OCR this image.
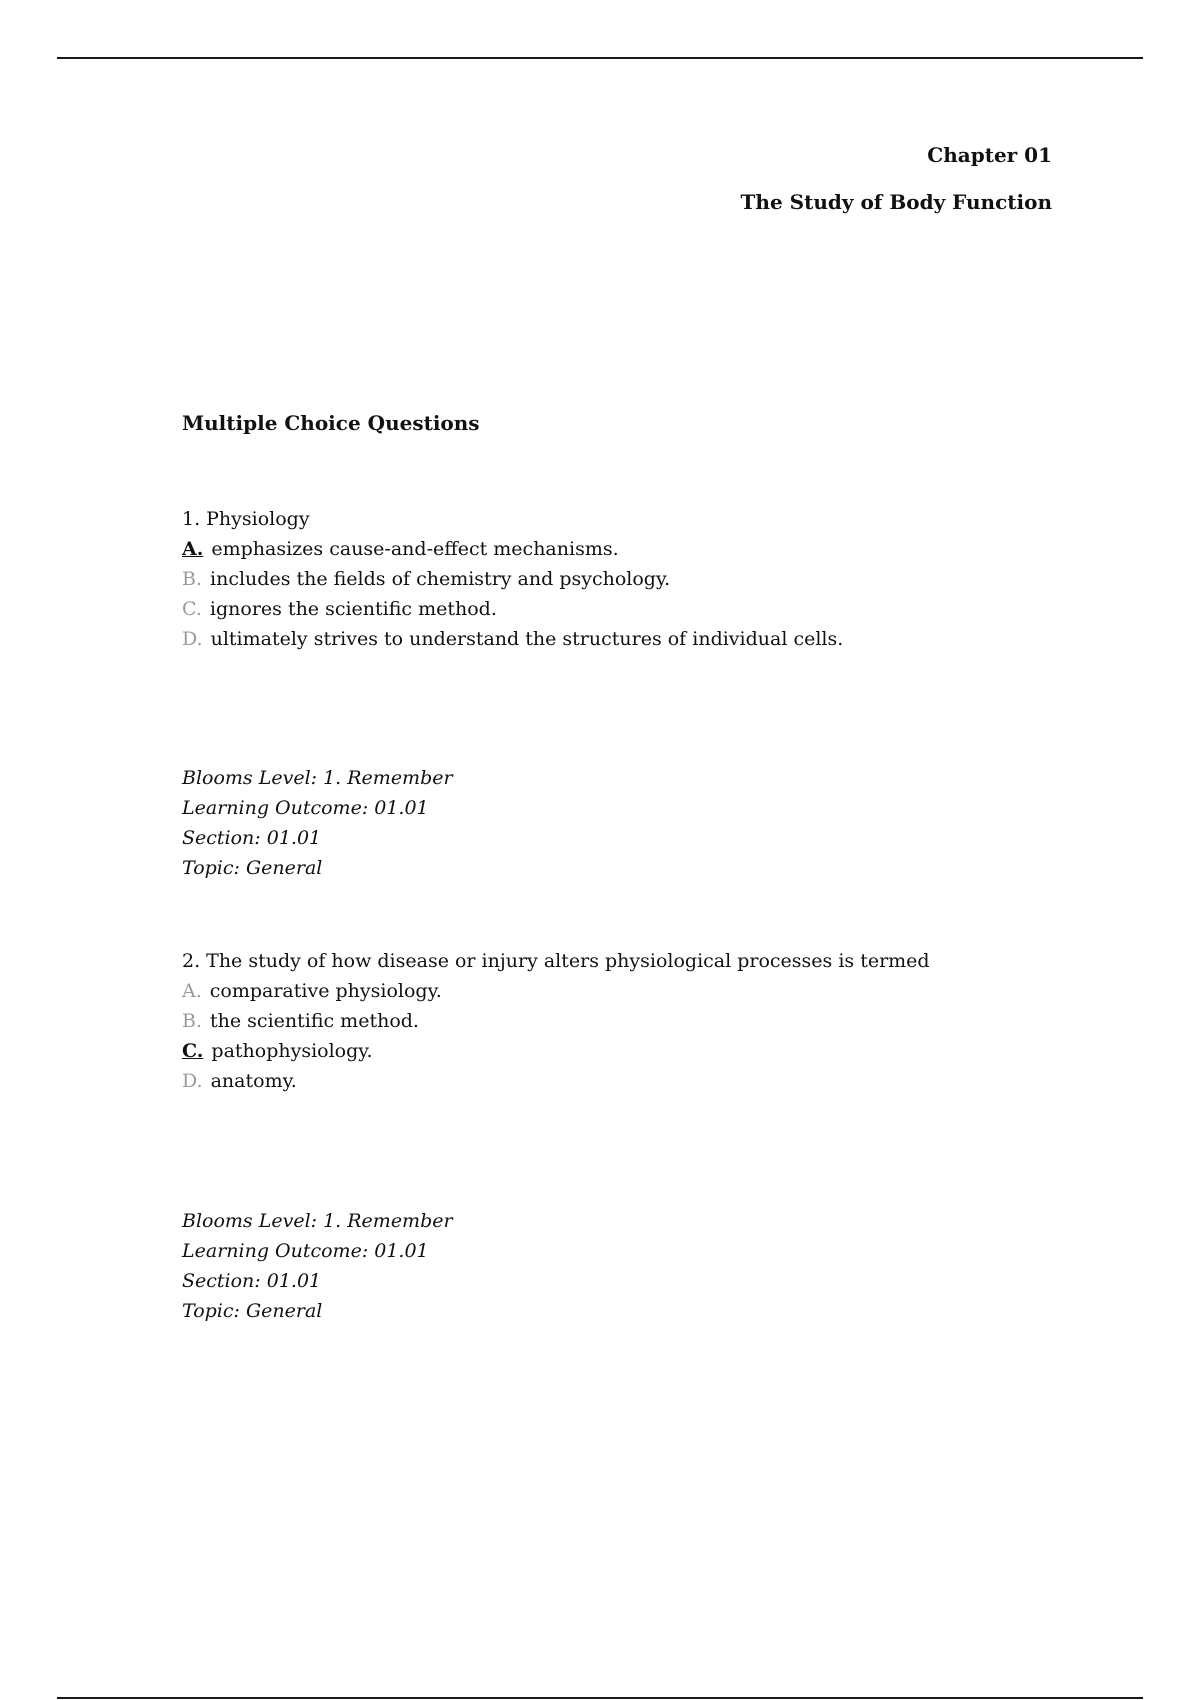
Chapter 01
The Study of Body Function
Multiple Choice Questions
1. Physiology
A. emphasizes cause-and-effect mechanisms.
B. includes the fields of chemistry and psychology.
C. ignores the scientific method.
D. ultimately strives to understand the structures of individual cells.
Blooms Level: 1. Remember
Learning Outcome: 01.01
Section: 01.01
Topic: General
2. The study of how disease or injury alters physiological processes is termed
A. comparative physiology.
B. the scientific method.
C. pathophysiology.
D. anatomy.
Blooms Level: 1. Remember
Learning Outcome: 01.01
Section: 01.01
Topic: General
